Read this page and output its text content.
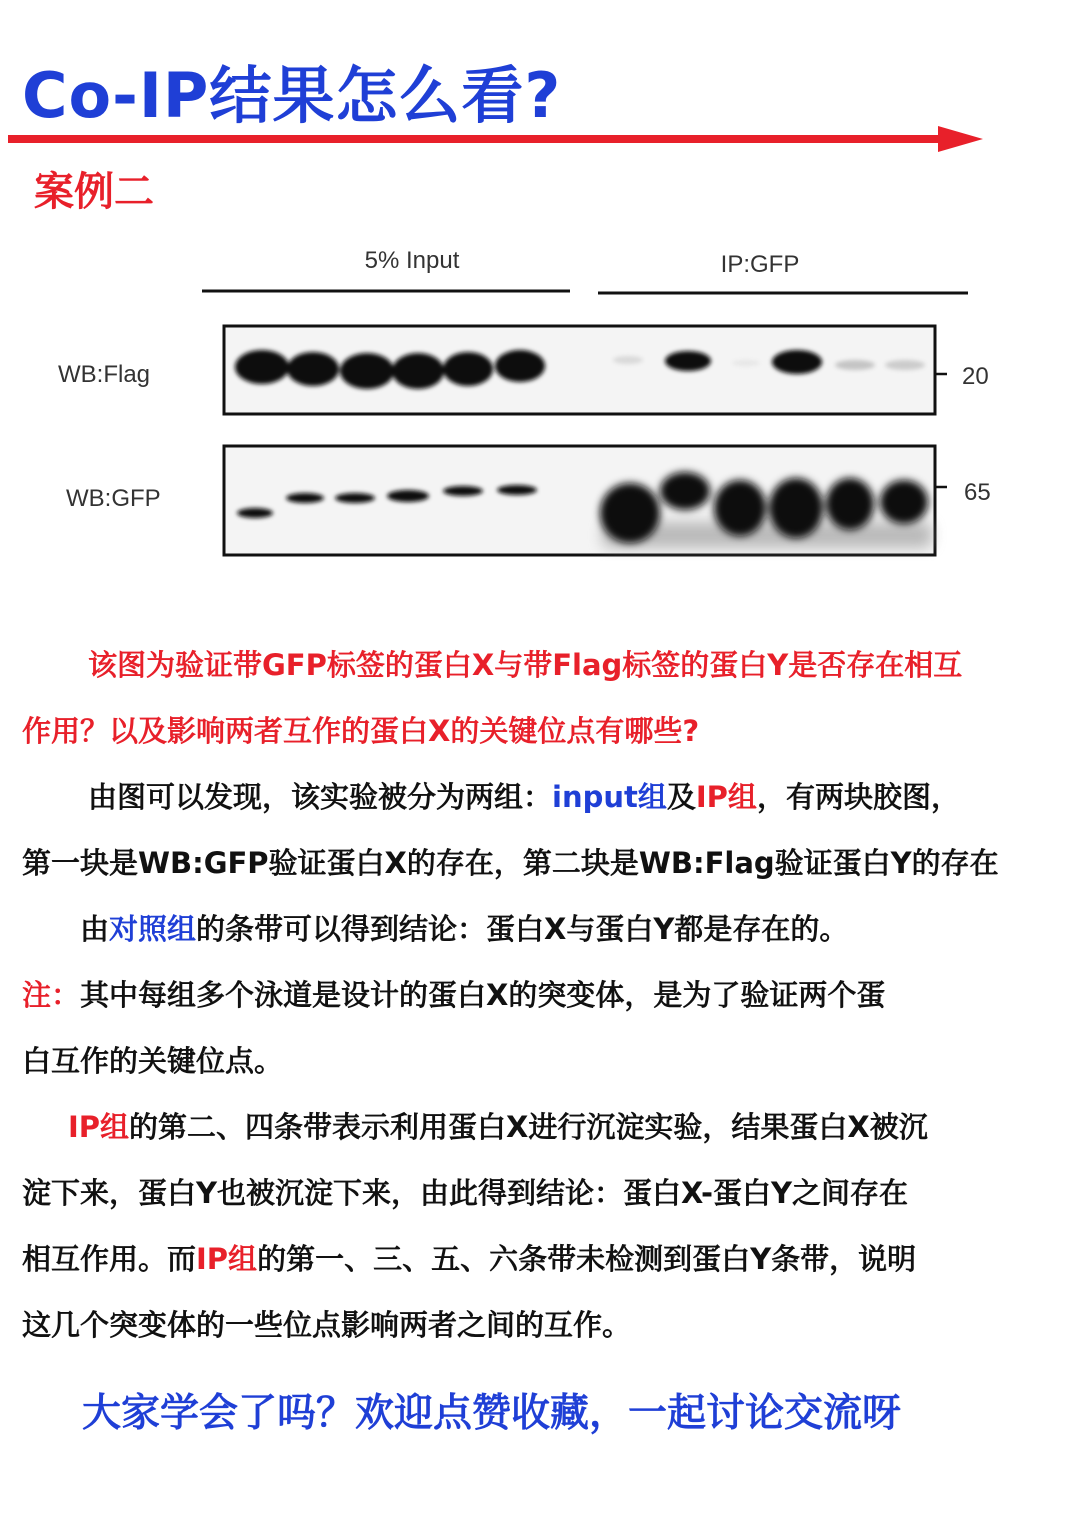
Co-IP结果怎么看?
案例二
5% Input	IP:GFP
WB:Flag
WB:GFP
20
65
该图为验证带GFP标签的蛋白X与带Flag标签的蛋白Y是否存在相互
作用？以及影响两者互作的蛋白X的关键位点有哪些?
由图可以发现，该实验被分为两组：input组及IP组，有两块胶图，
第一块是WB:GFP验证蛋白X的存在，第二块是WB:Flag验证蛋白Y的存在
由对照组的条带可以得到结论：蛋白X与蛋白Y都是存在的。
注：其中每组多个泳道是设计的蛋白X的突变体，是为了验证两个蛋
白互作的关键位点。
IP组的第二、四条带表示利用蛋白X进行沉淀实验，结果蛋白X被沉
淀下来，蛋白Y也被沉淀下来，由此得到结论：蛋白X-蛋白Y之间存在
相互作用。而IP组的第一、三、五、六条带未检测到蛋白Y条带，说明
这几个突变体的一些位点影响两者之间的互作。
大家学会了吗？欢迎点赞收藏，一起讨论交流呀
